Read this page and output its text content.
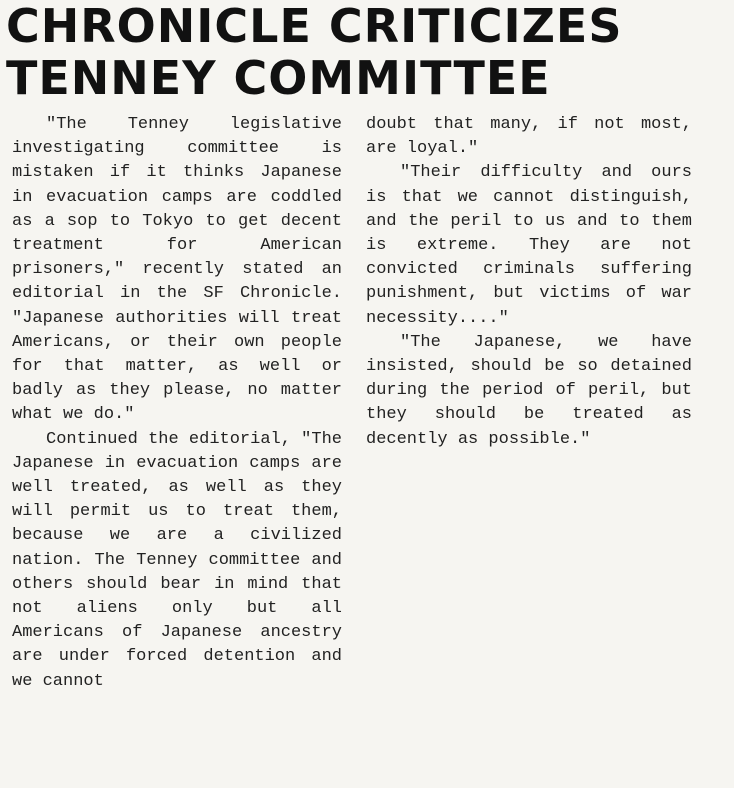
CHRONICLE CRITICIZES
TENNEY COMMITTEE

"The Tenney legislative investigating committee is mistaken if it thinks Japanese in evacuation camps are coddled as a sop to Tokyo to get decent treatment for American prisoners," recently stated an editorial in the SF Chronicle. "Japanese authorities will treat Americans, or their own people for that matter, as well or badly as they please, no matter what we do."

Continued the editorial, "The Japanese in evacuation camps are well treated, as well as they will permit us to treat them, because we are a civilized nation. The Tenney committee and others should bear in mind that not aliens only but all Americans of Japanese ancestry are under forced detention and we cannot

doubt that many, if not most, are loyal."

"Their difficulty and ours is that we cannot distinguish, and the peril to us and to them is extreme. They are not convicted criminals suffering punishment, but victims of war necessity...."

"The Japanese, we have insisted, should be so detained during the period of peril, but they should be treated as decently as possible."
